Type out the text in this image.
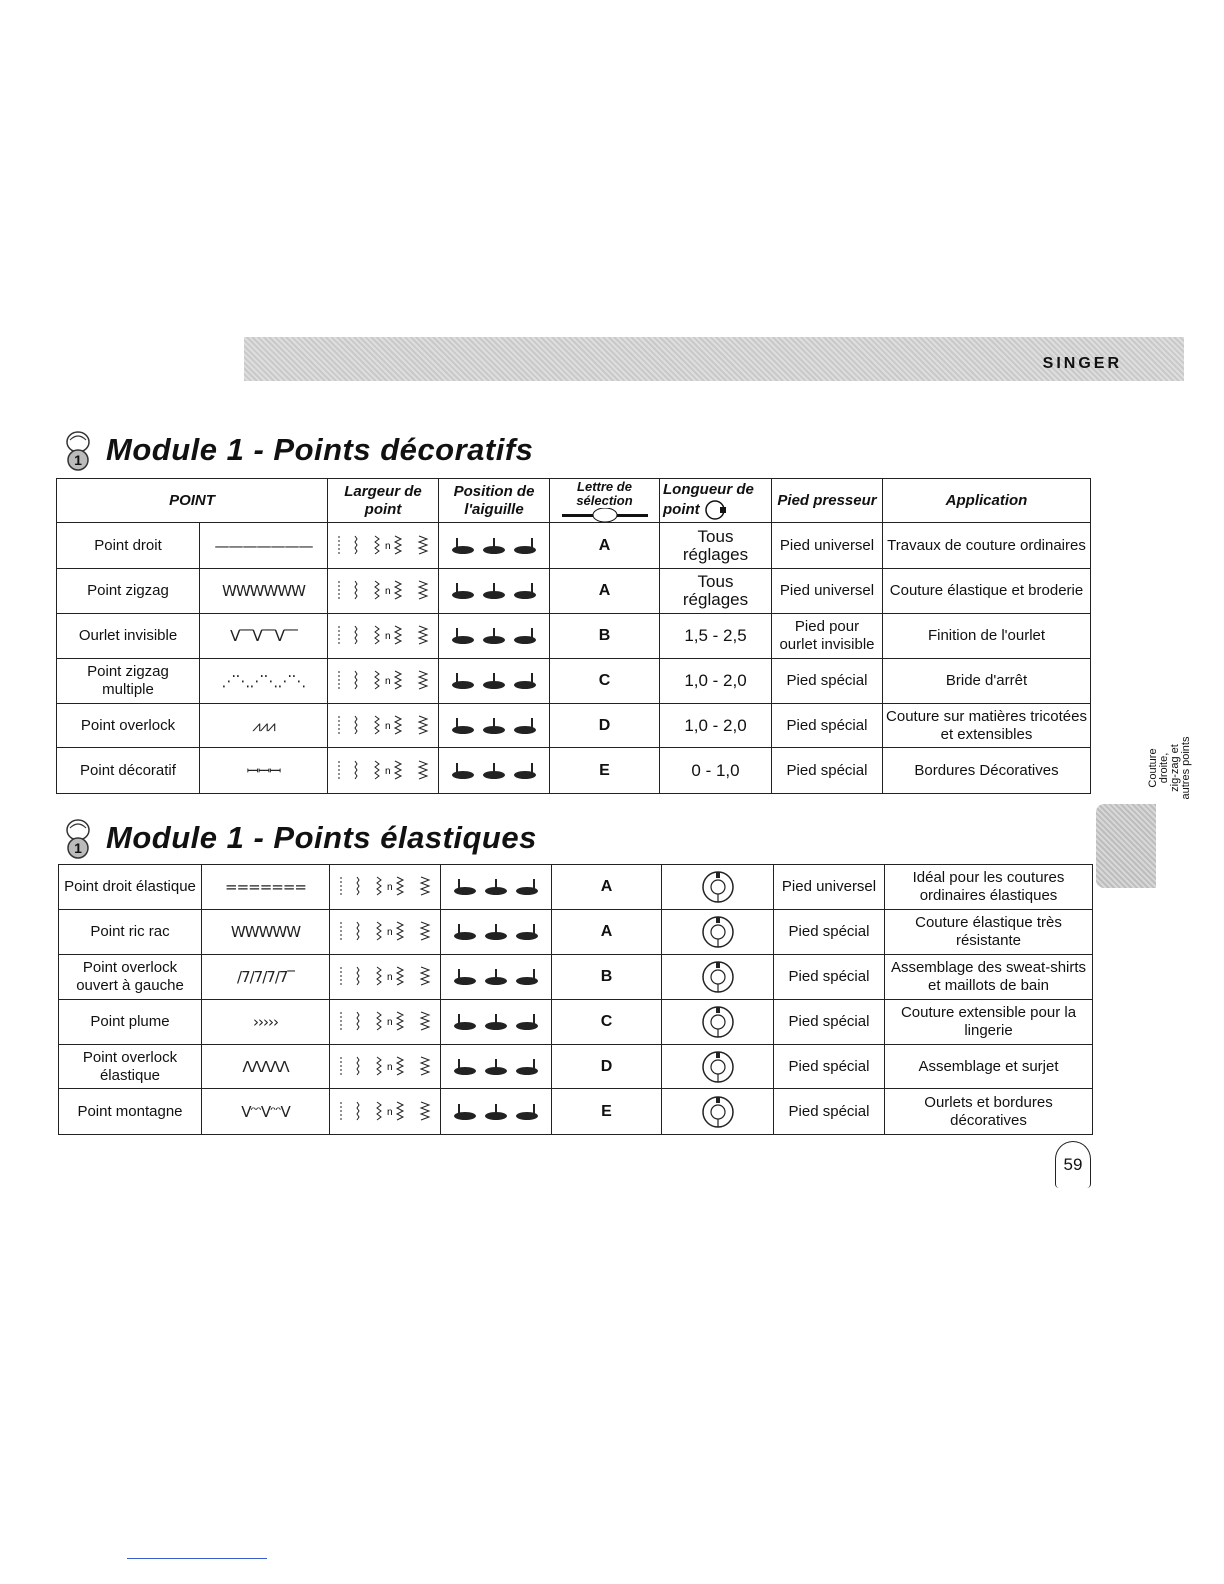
SINGER
1 Module 1 - Points décoratifs
POINT		Largeur de point	Position de l'aiguille	Lettre de sélection	Longueur de point	Pied presseur	Application
Point droit	———————	n		A	Tous réglages	Pied universel	Travaux de couture ordinaires
Point zigzag	WWWWWW	n		A	Tous réglages	Pied universel	Couture élastique et broderie
Ourlet invisible	V‾‾V‾‾V‾‾	n		B	1,5 - 2,5	Pied pour ourlet invisible	Finition de l'ourlet
Point zigzag multiple	⋰⋱⋰⋱⋰⋱	n		C	1,0 - 2,0	Pied spécial	Bride d'arrêt
Point overlock	⩘⩘⩘	n		D	1,0 - 2,0	Pied spécial	Couture sur matières tricotées et extensibles
Point décoratif	ꟷꟷꟷ	n		E	0 - 1,0	Pied spécial	Bordures Décoratives
1 Module 1 - Points élastiques
Point droit élastique	=======	n		A		Pied universel	Idéal pour les coutures ordinaires élastiques
Point ric rac	WWWWW	n		A		Pied spécial	Couture élastique très résistante
Point overlock ouvert à gauche	/7/7/7/7‾	n		B		Pied spécial	Assemblage des sweat-shirts et maillots de bain
Point plume	›››››	n		C		Pied spécial	Couture extensible pour la lingerie
Point overlock élastique	ΛΛΛΛΛ	n		D		Pied spécial	Assemblage et surjet
Point montagne	VᵔᵔVᵔᵔV	n		E		Pied spécial	Ourlets et bordures décoratives
Couture droite, zig-zag et autres points
59
